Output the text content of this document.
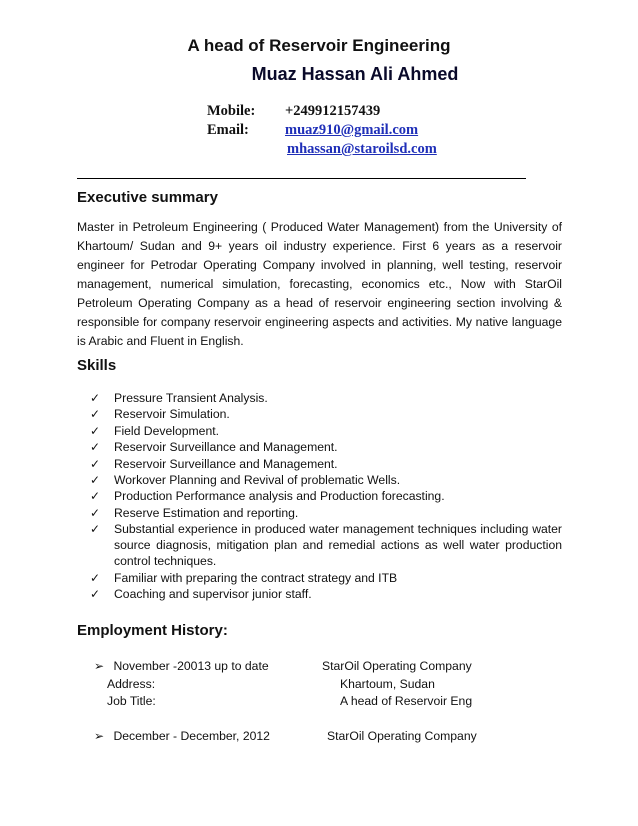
A head of Reservoir Engineering
Muaz Hassan Ali Ahmed
Mobile: +249912157439
Email: muaz910@gmail.com
mhassan@staroilsd.com
Executive summary
Master in Petroleum Engineering ( Produced Water Management) from the University of Khartoum/ Sudan and 9+ years oil industry experience. First 6 years as a reservoir engineer for Petrodar Operating Company involved in planning, well testing, reservoir management, numerical simulation, forecasting, economics etc., Now with StarOil Petroleum Operating Company as a head of reservoir engineering section involving & responsible for company reservoir engineering aspects and activities. My native language is Arabic and Fluent in English.
Skills
✓ Pressure Transient Analysis.
✓ Reservoir Simulation.
✓ Field Development.
✓ Reservoir Surveillance and Management.
✓ Reservoir Surveillance and Management.
✓ Workover Planning and Revival of problematic Wells.
✓ Production Performance analysis and Production forecasting.
✓ Reserve Estimation and reporting.
✓ Substantial experience in produced water management techniques including water source diagnosis, mitigation plan and remedial actions as well water production control techniques.
✓ Familiar with preparing the contract strategy and ITB
✓ Coaching and supervisor junior staff.
Employment History:
➢ November -20013 up to date	StarOil Operating Company
Address:	Khartoum, Sudan
Job Title:	A head of Reservoir Eng
➢ December - December, 2012	StarOil Operating Company
